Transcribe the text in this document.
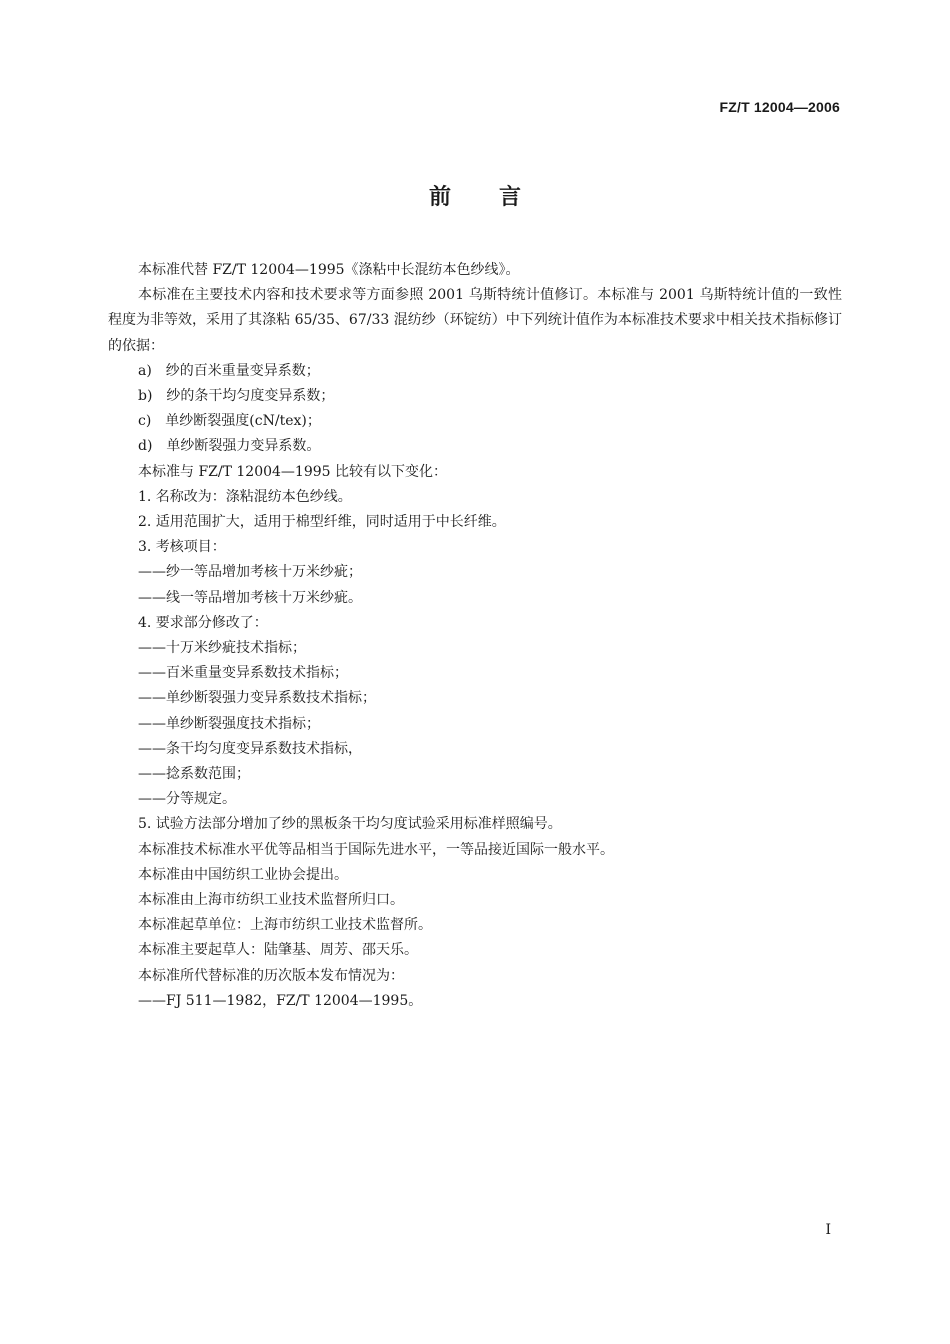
FZ/T 12004—2006
前言

本标准代替 FZ/T 12004—1995《涤粘中长混纺本色纱线》。

本标准在主要技术内容和技术要求等方面参照 2001 乌斯特统计值修订。本标准与 2001 乌斯特统计值的一致性程度为非等效，采用了其涤粘 65/35、67/33 混纺纱（环锭纺）中下列统计值作为本标准技术要求中相关技术指标修订的依据：

a)　纱的百米重量变异系数；

b)　纱的条干均匀度变异系数；

c)　单纱断裂强度(cN/tex)；

d)　单纱断裂强力变异系数。

本标准与 FZ/T 12004—1995 比较有以下变化：

1. 名称改为：涤粘混纺本色纱线。

2. 适用范围扩大，适用于棉型纤维，同时适用于中长纤维。

3. 考核项目：

——纱一等品增加考核十万米纱疵；

——线一等品增加考核十万米纱疵。

4. 要求部分修改了：

——十万米纱疵技术指标；

——百米重量变异系数技术指标；

——单纱断裂强力变异系数技术指标；

——单纱断裂强度技术指标；

——条干均匀度变异系数技术指标，

——捻系数范围；

——分等规定。

5. 试验方法部分增加了纱的黑板条干均匀度试验采用标准样照编号。

本标准技术标准水平优等品相当于国际先进水平，一等品接近国际一般水平。

本标准由中国纺织工业协会提出。

本标准由上海市纺织工业技术监督所归口。

本标准起草单位：上海市纺织工业技术监督所。

本标准主要起草人：陆肇基、周芳、邵天乐。

本标准所代替标准的历次版本发布情况为：

——FJ 511—1982，FZ/T 12004—1995。

I
